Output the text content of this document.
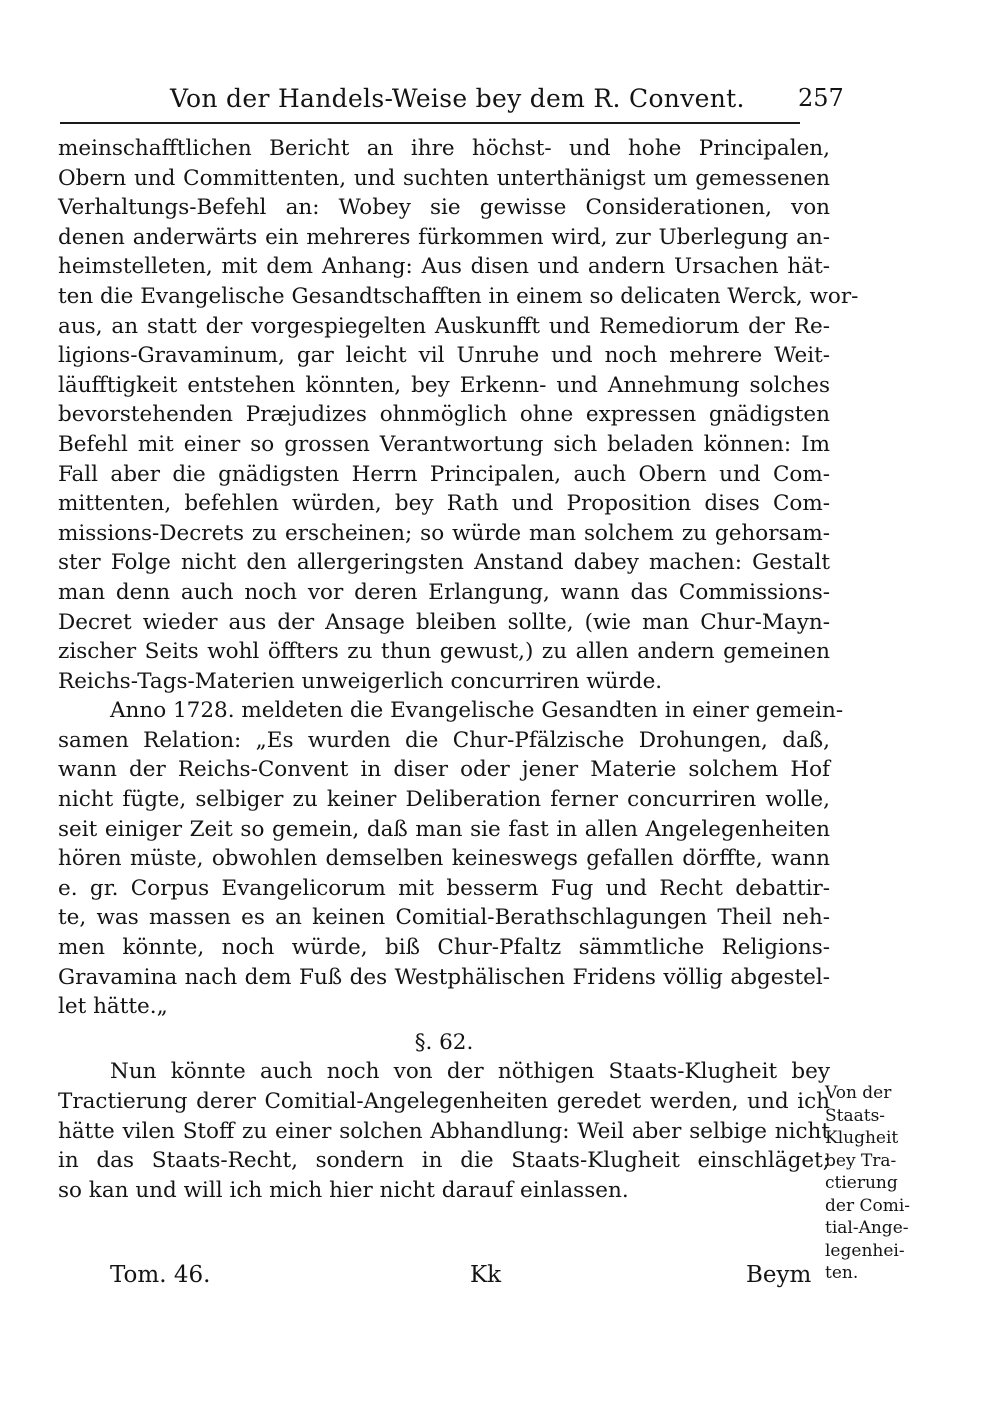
Von der Handels-Weise bey dem R. Convent. 257
meinschafftlichen Bericht an ihre höchst- und hohe Principalen,
Obern und Committenten, und suchten unterthänigst um gemessenen
Verhaltungs-Befehl an: Wobey sie gewisse Considerationen, von
denen anderwärts ein mehreres fürkommen wird, zur Uberlegung an-
heimstelleten, mit dem Anhang: Aus disen und andern Ursachen hät-
ten die Evangelische Gesandtschafften in einem so delicaten Werck, wor-
aus, an statt der vorgespiegelten Auskunfft und Remediorum der Re-
ligions-Gravaminum, gar leicht vil Unruhe und noch mehrere Weit-
läufftigkeit entstehen könnten, bey Erkenn- und Annehmung solches
bevorstehenden Præjudizes ohnmöglich ohne expressen gnädigsten
Befehl mit einer so grossen Verantwortung sich beladen können: Im
Fall aber die gnädigsten Herrn Principalen, auch Obern und Com-
mittenten, befehlen würden, bey Rath und Proposition dises Com-
missions-Decrets zu erscheinen; so würde man solchem zu gehorsam-
ster Folge nicht den allergeringsten Anstand dabey machen: Gestalt
man denn auch noch vor deren Erlangung, wann das Commissions-
Decret wieder aus der Ansage bleiben sollte, (wie man Chur-Mayn-
zischer Seits wohl öffters zu thun gewust,) zu allen andern gemeinen
Reichs-Tags-Materien unweigerlich concurriren würde.
Anno 1728. meldeten die Evangelische Gesandten in einer gemein-
samen Relation: „Es wurden die Chur-Pfälzische Drohungen, daß,
wann der Reichs-Convent in diser oder jener Materie solchem Hof
nicht fügte, selbiger zu keiner Deliberation ferner concurriren wolle,
seit einiger Zeit so gemein, daß man sie fast in allen Angelegenheiten
hören müste, obwohlen demselben keineswegs gefallen dörffte, wann
e. gr. Corpus Evangelicorum mit besserm Fug und Recht debattir-
te, was massen es an keinen Comitial-Berathschlagungen Theil neh-
men könnte, noch würde, biß Chur-Pfaltz sämmtliche Religions-
Gravamina nach dem Fuß des Westphälischen Fridens völlig abgestel-
let hätte.„
§. 62.
Nun könnte auch noch von der nöthigen Staats-Klugheit bey
Tractierung derer Comitial-Angelegenheiten geredet werden, und ich
hätte vilen Stoff zu einer solchen Abhandlung: Weil aber selbige nicht
in das Staats-Recht, sondern in die Staats-Klugheit einschläget;
so kan und will ich mich hier nicht darauf einlassen.
Von der
Staats-
Klugheit
bey Tra-
ctierung
der Comi-
tial-Ange-
legenhei-
ten.
Tom. 46.	Kk	Beym
